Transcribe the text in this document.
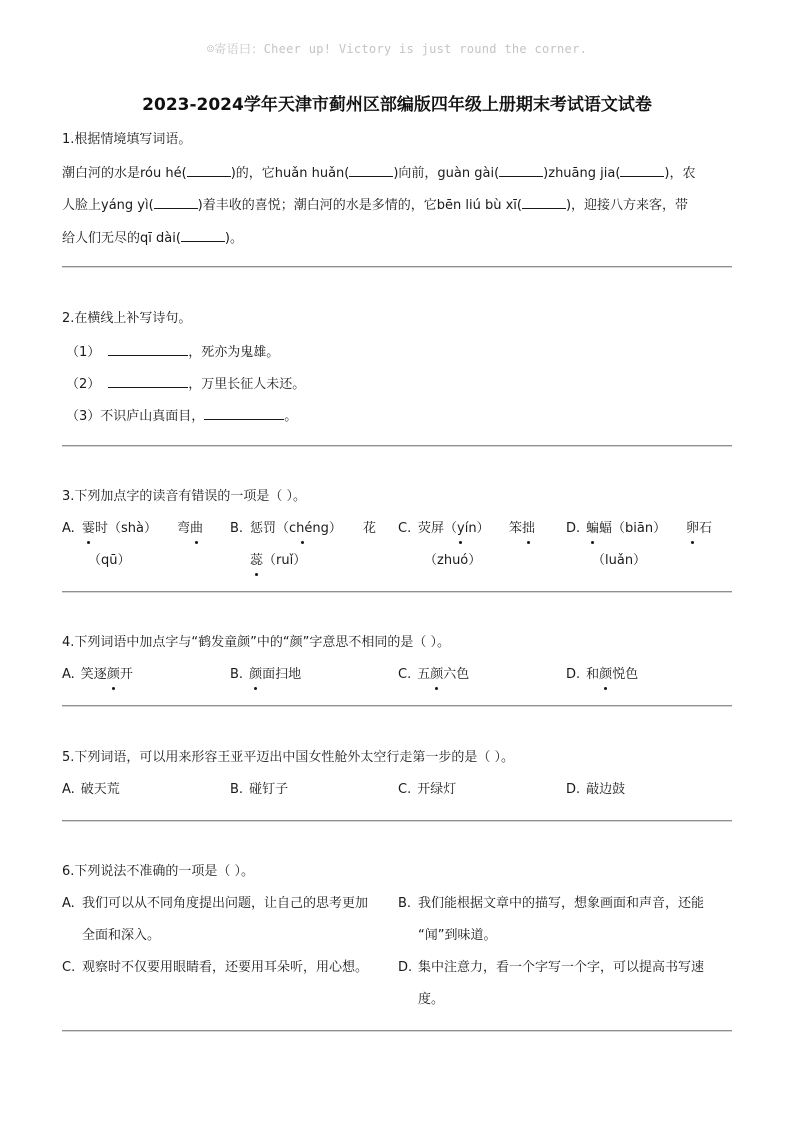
☺寄语曰：Cheer up! Victory is just round the corner.
2023-2024学年天津市蓟州区部编版四年级上册期末考试语文试卷
1.根据情境填写词语。
潮白河的水是róu hé(	)的，它huǎn huǎn(	)向前，guàn gài(	)zhuāng jia(	)，农
人脸上yáng yì(	)着丰收的喜悦；潮白河的水是多情的，它bēn liú bù xī(	)，迎接八方来客，带
给人们无尽的qī dài(	)。
2.在横线上补写诗句。
（1）	，死亦为鬼雄。
（2）	，万里长征人未还。
（3）不识庐山真面目，	。
3.下列加点字的读音有错误的一项是（ ）。
A. 霎时（shà） 弯曲
（qū）
B. 惩罚（chéng） 花
蕊（ruǐ）
C. 荧屏（yín） 笨拙
（zhuó）
D. 蝙蝠（biān） 卵石
（luǎn）
4.下列词语中加点字与“鹤发童颜”中的“颜”字意思不相同的是（ ）。
A. 笑逐颜开	B. 颜面扫地	C. 五颜六色	D. 和颜悦色
5.下列词语，可以用来形容王亚平迈出中国女性舱外太空行走第一步的是（ ）。
A. 破天荒	B. 碰钉子	C. 开绿灯	D. 敲边鼓
6.下列说法不准确的一项是（ ）。
A. 我们可以从不同角度提出问题，让自己的思考更加
全面和深入。
B. 我们能根据文章中的描写，想象画面和声音，还能
“闻”到味道。
C. 观察时不仅要用眼睛看，还要用耳朵听，用心想。 D. 集中注意力，看一个字写一个字，可以提高书写速
度。
